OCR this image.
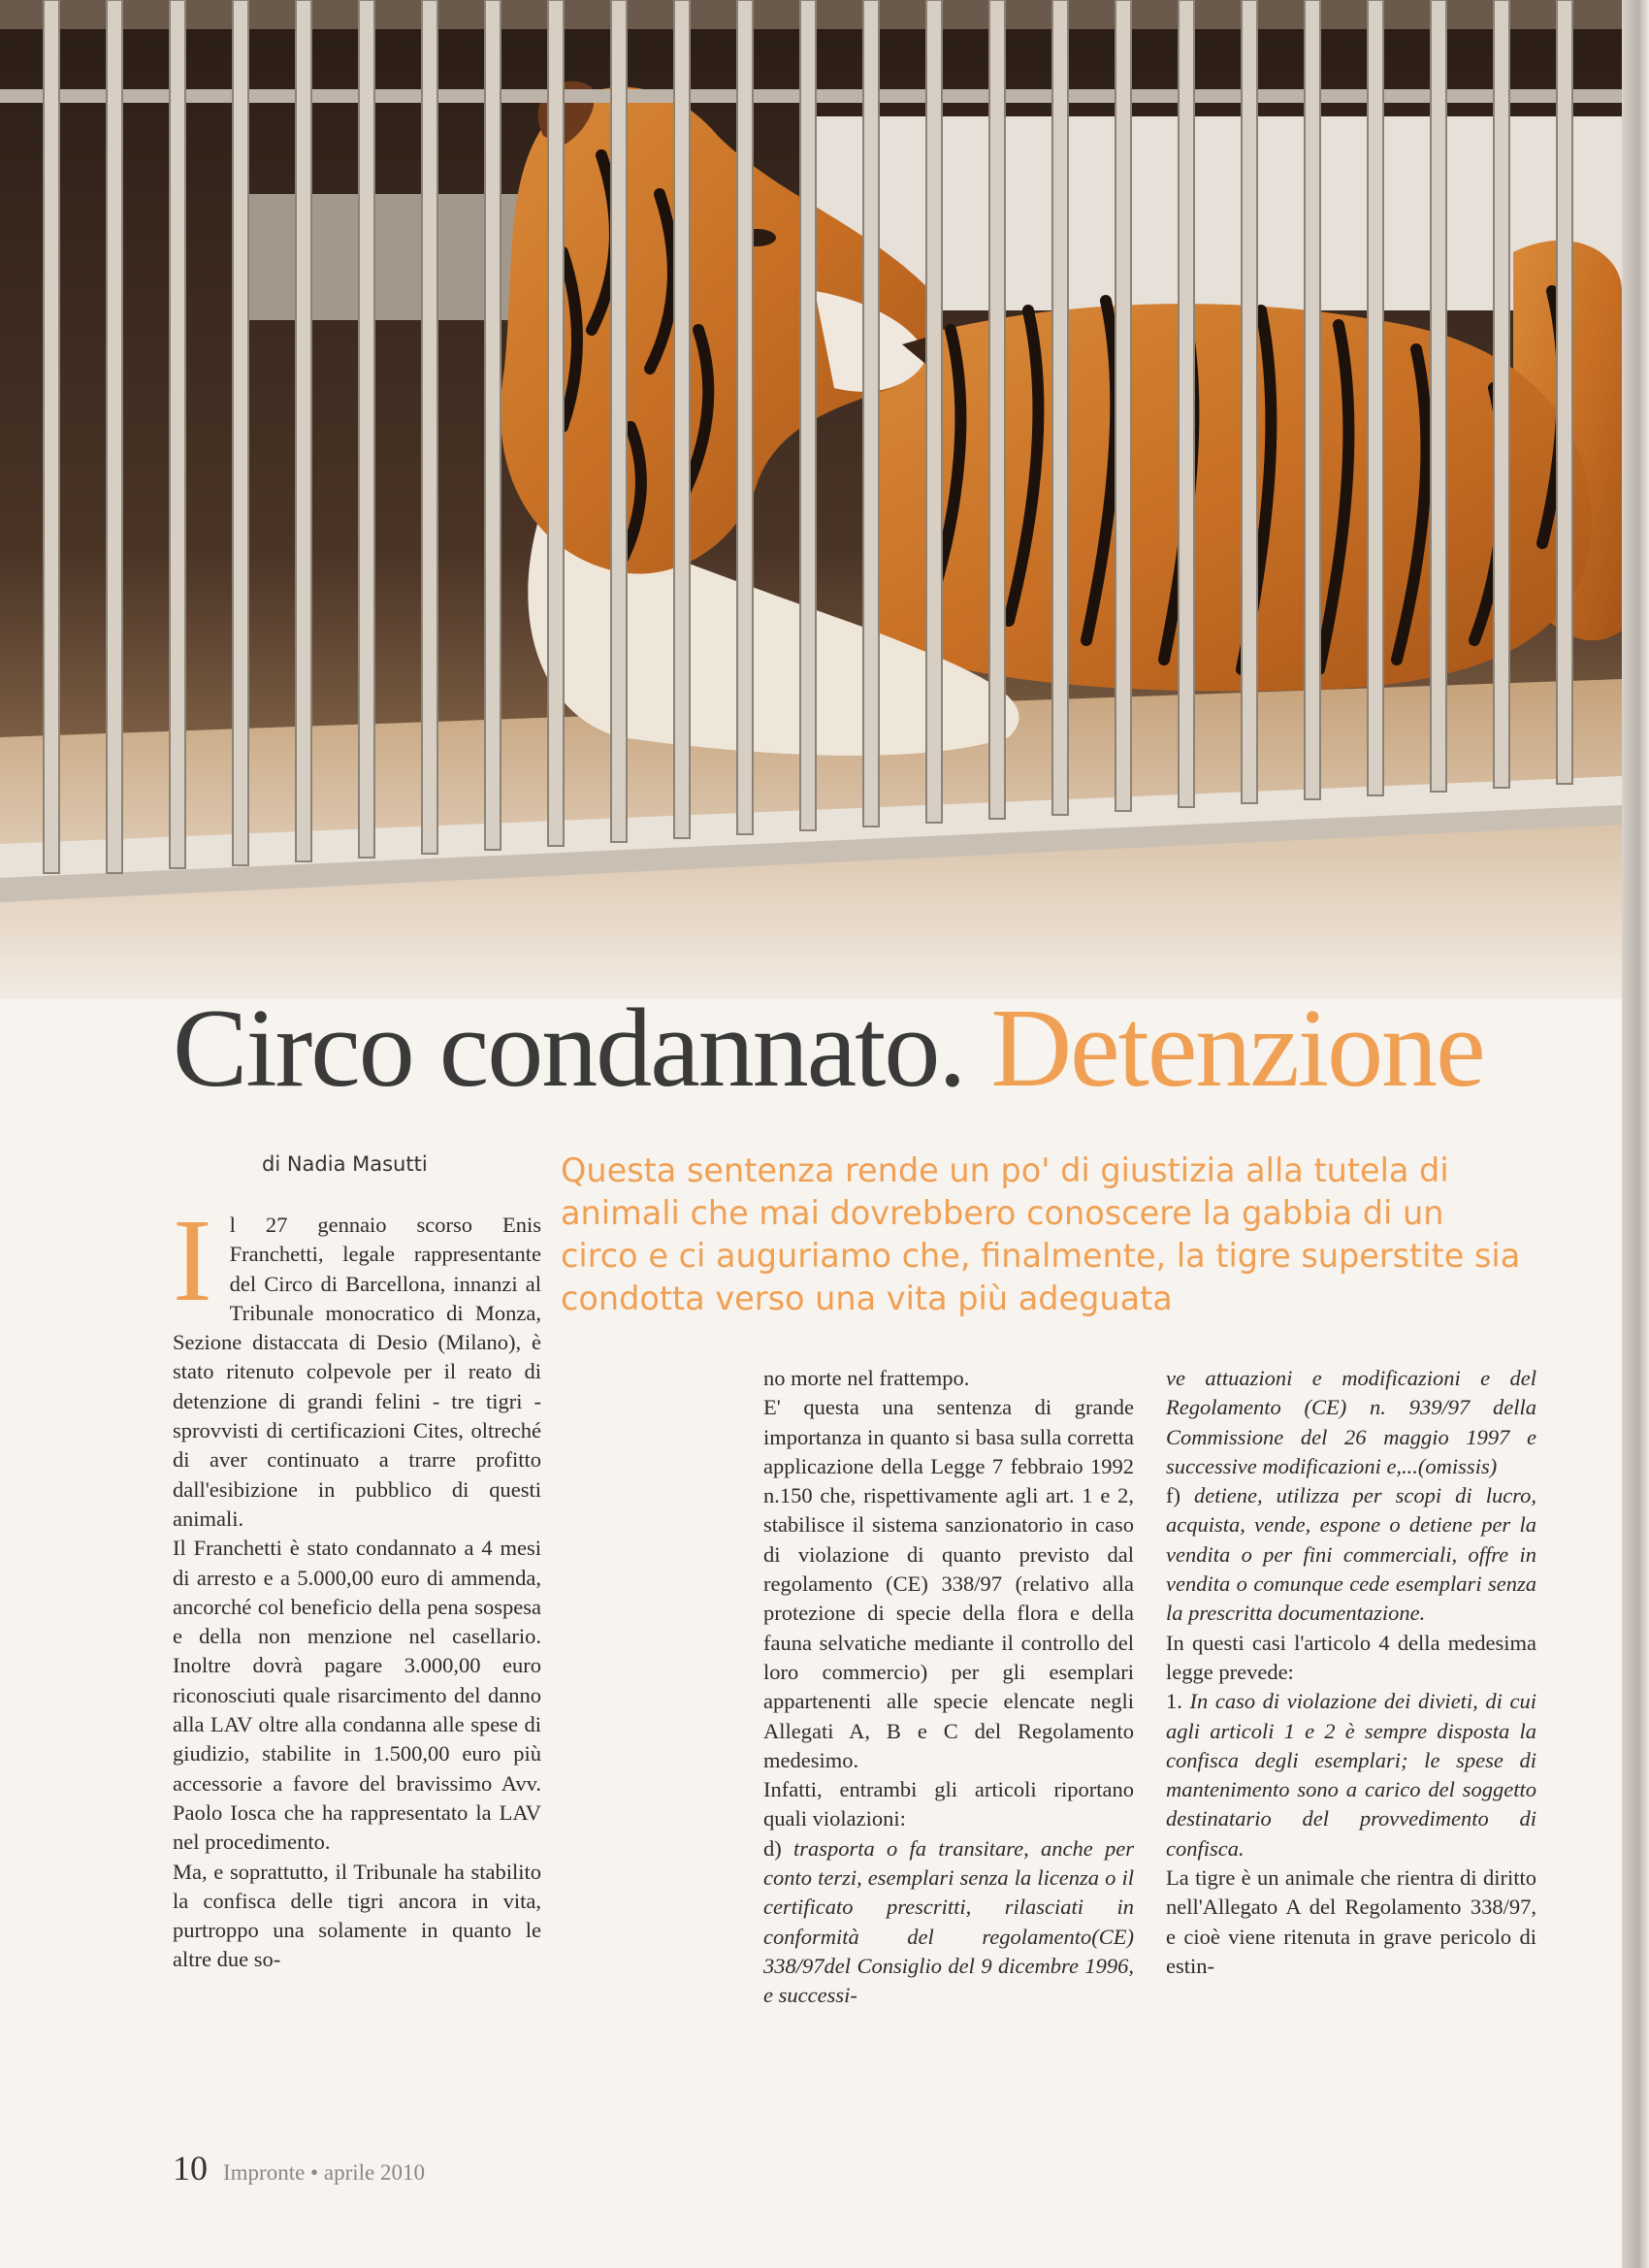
Circo condannato. Detenzione
di Nadia Masutti	Questa sentenza rende un po' di giustizia alla tutela di animali che mai dovrebbero conoscere la gabbia di un circo e ci auguriamo che, finalmente, la tigre superstite sia condotta verso una vita più adeguata

Il 27 gennaio scorso Enis Franchetti, legale rappresentante del Circo di Barcellona, innanzi al Tribunale monocratico di Monza, Sezione distaccata di Desio (Milano), è stato ritenuto colpevole per il reato di detenzione di grandi felini - tre tigri - sprovvisti di certificazioni Cites, oltreché di aver continuato a trarre profitto dall'esibizione in pubblico di questi animali.

Il Franchetti è stato condannato a 4 mesi di arresto e a 5.000,00 euro di ammenda, ancorché col beneficio della pena sospesa e della non menzione nel casellario. Inoltre dovrà pagare 3.000,00 euro riconosciuti quale risarcimento del danno alla LAV oltre alla condanna alle spese di giudizio, stabilite in 1.500,00 euro più accessorie a favore del bravissimo Avv. Paolo Iosca che ha rappresentato la LAV nel procedimento.

Ma, e soprattutto, il Tribunale ha stabilito la confisca delle tigri ancora in vita, purtroppo una solamente in quanto le altre due so-

no morte nel frattempo.

E' questa una sentenza di grande importanza in quanto si basa sulla corretta applicazione della Legge 7 febbraio 1992 n.150 che, rispettivamente agli art. 1 e 2, stabilisce il sistema sanzionatorio in caso di violazione di quanto previsto dal regolamento (CE) 338/97 (relativo alla protezione di specie della flora e della fauna selvatiche mediante il controllo del loro commercio) per gli esemplari appartenenti alle specie elencate negli Allegati A, B e C del Regolamento medesimo.

Infatti, entrambi gli articoli riportano quali violazioni:

d) trasporta o fa transitare, anche per conto terzi, esemplari senza la licenza o il certificato prescritti, rilasciati in conformità del regolamento(CE) 338/97del Consiglio del 9 dicembre 1996, e successi-

ve attuazioni e modificazioni e del Regolamento (CE) n. 939/97 della Commissione del 26 maggio 1997 e successive modificazioni e,...(omissis)

f) detiene, utilizza per scopi di lucro, acquista, vende, espone o detiene per la vendita o per fini commerciali, offre in vendita o comunque cede esemplari senza la prescritta documentazione.

In questi casi l'articolo 4 della medesima legge prevede:

1. In caso di violazione dei divieti, di cui agli articoli 1 e 2 è sempre disposta la confisca degli esemplari; le spese di mantenimento sono a carico del soggetto destinatario del provvedimento di confisca.

La tigre è un animale che rientra di diritto nell'Allegato A del Regolamento 338/97, e cioè viene ritenuta in grave pericolo di estin-

10 Impronte • aprile 2010
